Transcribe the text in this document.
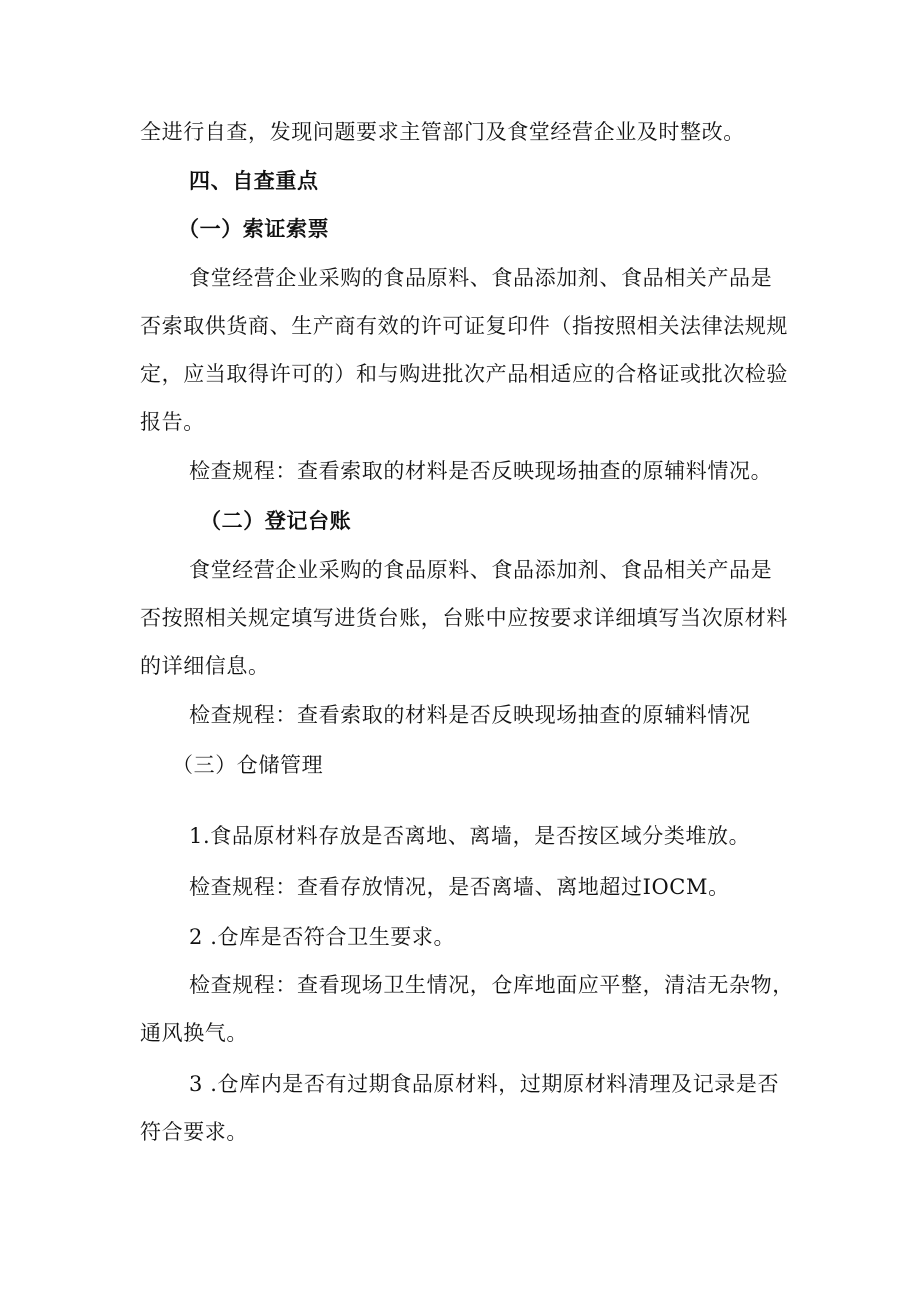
全进行自查，发现问题要求主管部门及食堂经营企业及时整改。
四、自查重点
（一）索证索票
食堂经营企业采购的食品原料、食品添加剂、食品相关产品是
否索取供货商、生产商有效的许可证复印件（指按照相关法律法规规
定，应当取得许可的）和与购进批次产品相适应的合格证或批次检验
报告。
检查规程：查看索取的材料是否反映现场抽查的原辅料情况。
（二）登记台账
食堂经营企业采购的食品原料、食品添加剂、食品相关产品是
否按照相关规定填写进货台账，台账中应按要求详细填写当次原材料
的详细信息。
检查规程：查看索取的材料是否反映现场抽查的原辅料情况
（三）仓储管理
1.食品原材料存放是否离地、离墙，是否按区域分类堆放。
检查规程：查看存放情况，是否离墙、离地超过IOCM。
2 .仓库是否符合卫生要求。
检查规程：查看现场卫生情况，仓库地面应平整，清洁无杂物，
通风换气。
3 .仓库内是否有过期食品原材料，过期原材料清理及记录是否
符合要求。
